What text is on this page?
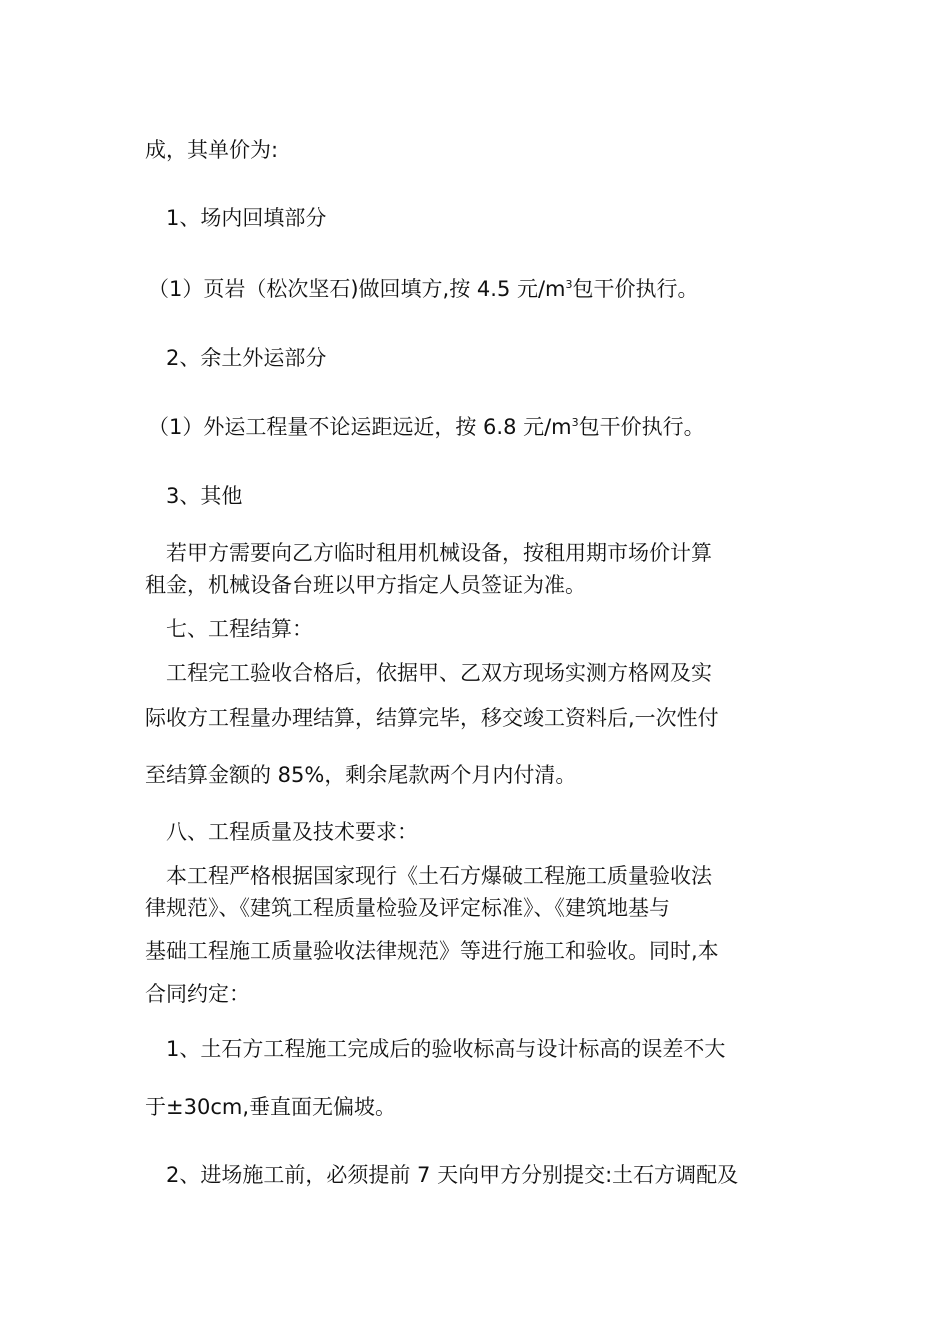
成，其单价为:
1、场内回填部分
（1）页岩（松次坚石)做回填方,按 4.5 元$/m^3$包干价执行。
2、余土外运部分
（1）外运工程量不论运距远近，按 6.8 元$/m^3$包干价执行。
3、其他
若甲方需要向乙方临时租用机械设备，按租用期市场价计算
租金，机械设备台班以甲方指定人员签证为准。
七、工程结算：
工程完工验收合格后，依据甲、乙双方现场实测方格网及实
际收方工程量办理结算，结算完毕，移交竣工资料后,一次性付
至结算金额的 85%，剩余尾款两个月内付清。
八、工程质量及技术要求：
本工程严格根据国家现行《土石方爆破工程施工质量验收法
律规范》、《建筑工程质量检验及评定标准》、《建筑地基与
基础工程施工质量验收法律规范》等进行施工和验收。同时,本
合同约定：
1、土石方工程施工完成后的验收标高与设计标高的误差不大
于±30cm,垂直面无偏坡。
2、进场施工前，必须提前 7 天向甲方分别提交:土石方调配及
